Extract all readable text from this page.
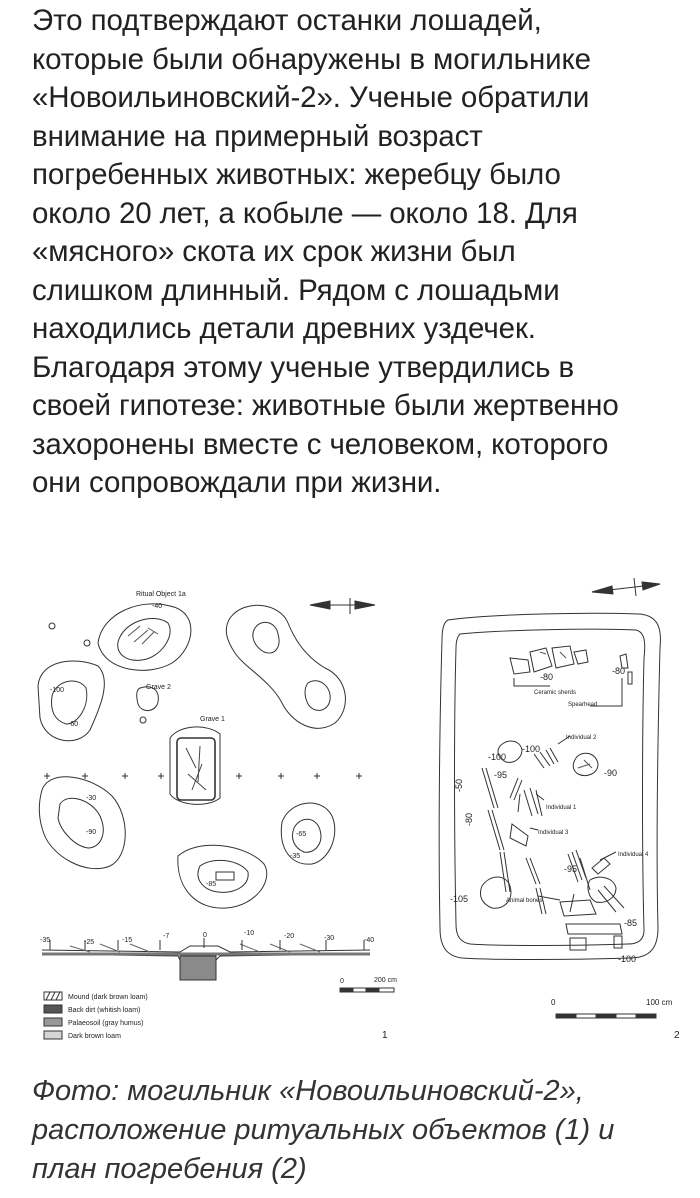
Это подтверждают останки лошадей,
которые были обнаружены в могильнике
«Новоильиновский-2». Ученые обратили
внимание на примерный возраст
погребенных животных: жеребцу было
около 20 лет, а кобыле — около 18. Для
«мясного» скота их срок жизни был
слишком длинный. Рядом с лошадьми
находились детали древних уздечек.
Благодаря этому ученые утвердились в
своей гипотезе: животные были жертвенно
захоронены вместе с человеком, которого
они сопровождали при жизни.
Ritual Object 1a
-40
-100
-60
Grave 2
Grave 1
-90
-30
-65
-35
-85
-35	-25	-15
-7	0	-10	-20	-30	-40
0	200 cm
Mound (dark brown loam)
Back dirt (whitish loam)
Palaeosoil (gray humus)
Dark brown loam	1
-80
-80
-100
-100
-95	-90
-50
-80
-95
-105
-85
-100
Ceramic sherds
Spearhead
Individual 2
Individual 1
Individual 3
Individual 4
Animal bones
0	100 cm
2
Фото: могильник «Новоильиновский-2»,
расположение ритуальных объектов (1) и
план погребения (2)
